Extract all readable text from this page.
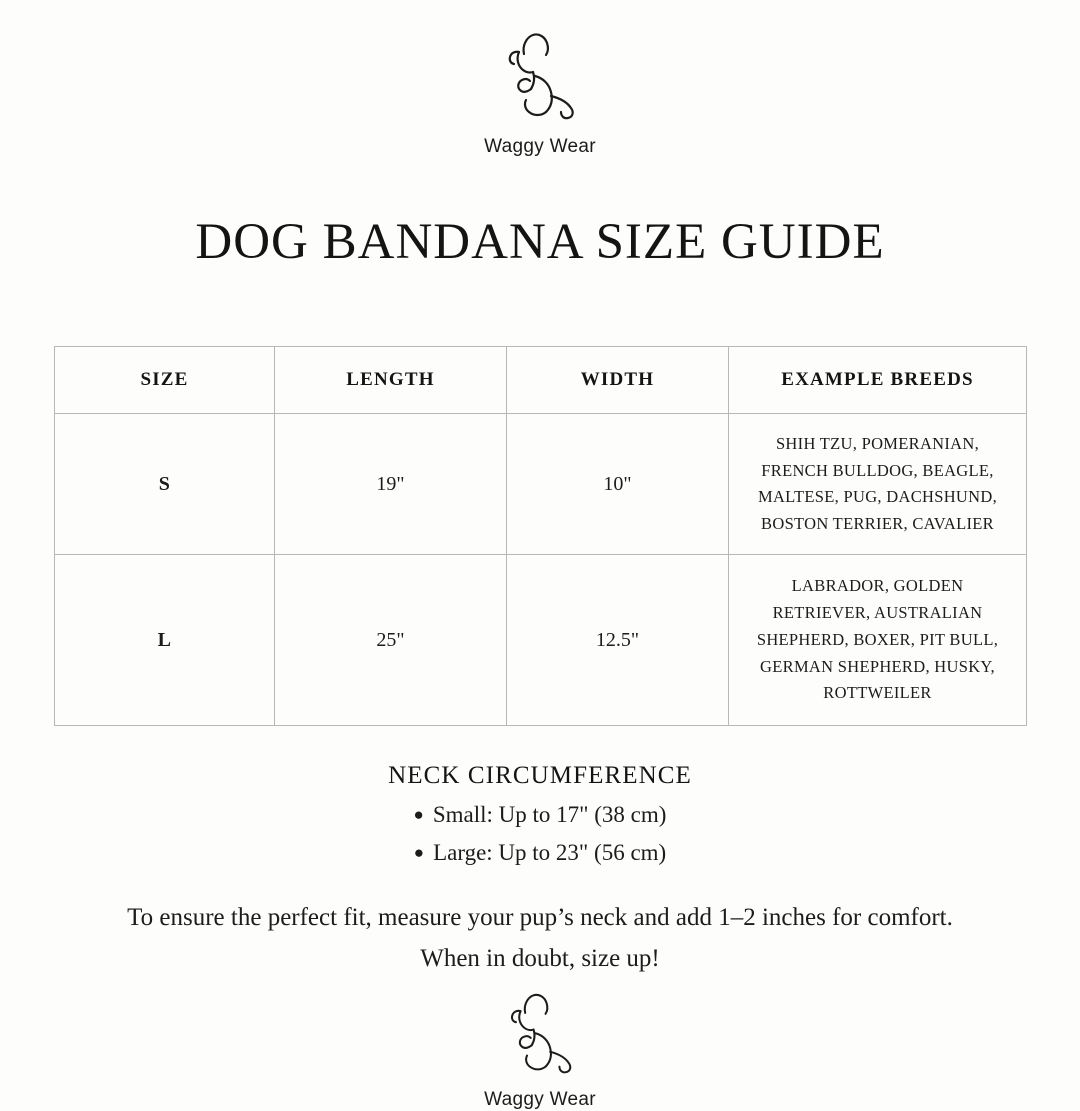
Waggy Wear
DOG BANDANA SIZE GUIDE
SIZE	LENGTH	WIDTH	EXAMPLE BREEDS
S	19"	10"	SHIH TZU, POMERANIAN, FRENCH BULLDOG, BEAGLE, MALTESE, PUG, DACHSHUND, BOSTON TERRIER, CAVALIER
L	25"	12.5"	LABRADOR, GOLDEN RETRIEVER, AUSTRALIAN SHEPHERD, BOXER, PIT BULL, GERMAN SHEPHERD, HUSKY, ROTTWEILER
NECK CIRCUMFERENCE
● Small: Up to 17" (38 cm)
● Large: Up to 23" (56 cm)
To ensure the perfect fit, measure your pup’s neck and add 1–2 inches for comfort.
When in doubt, size up!
Waggy Wear
